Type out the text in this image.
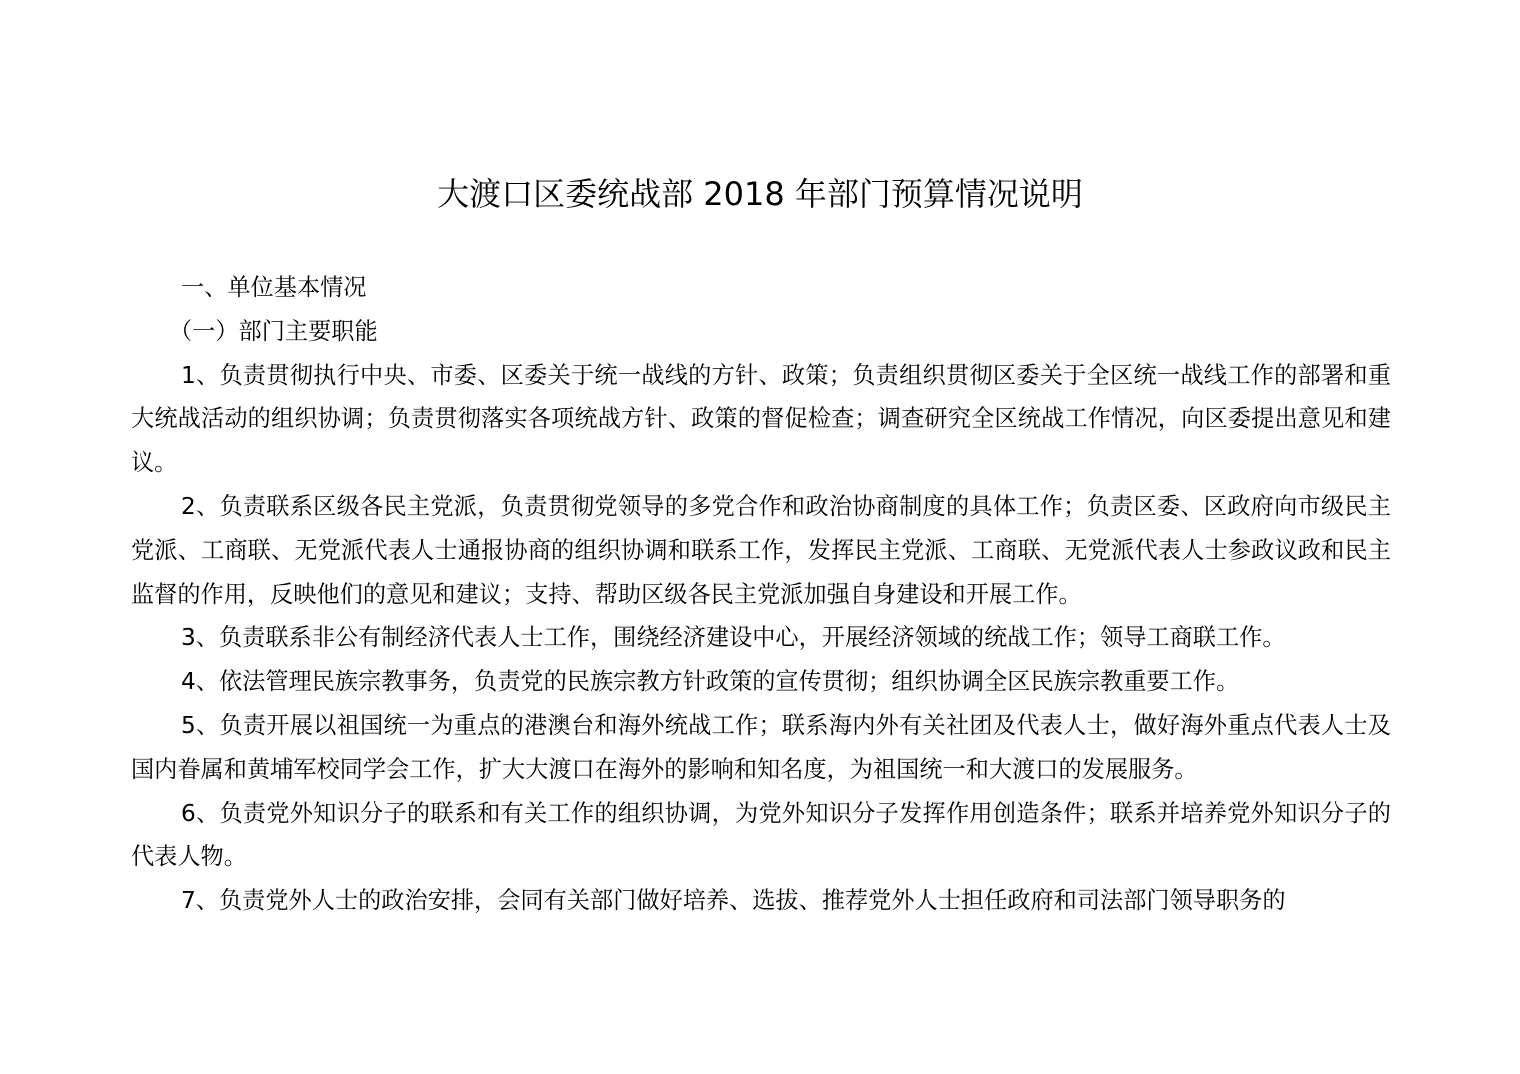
大渡口区委统战部 2018 年部门预算情况说明

一、单位基本情况

（一）部门主要职能

1、负责贯彻执行中央、市委、区委关于统一战线的方针、政策；负责组织贯彻区委关于全区统一战线工作的部署和重大统战活动的组织协调；负责贯彻落实各项统战方针、政策的督促检查；调查研究全区统战工作情况，向区委提出意见和建议。

2、负责联系区级各民主党派，负责贯彻党领导的多党合作和政治协商制度的具体工作；负责区委、区政府向市级民主党派、工商联、无党派代表人士通报协商的组织协调和联系工作，发挥民主党派、工商联、无党派代表人士参政议政和民主监督的作用，反映他们的意见和建议；支持、帮助区级各民主党派加强自身建设和开展工作。

3、负责联系非公有制经济代表人士工作，围绕经济建设中心，开展经济领域的统战工作；领导工商联工作。

4、依法管理民族宗教事务，负责党的民族宗教方针政策的宣传贯彻；组织协调全区民族宗教重要工作。

5、负责开展以祖国统一为重点的港澳台和海外统战工作；联系海内外有关社团及代表人士，做好海外重点代表人士及国内眷属和黄埔军校同学会工作，扩大大渡口在海外的影响和知名度，为祖国统一和大渡口的发展服务。

6、负责党外知识分子的联系和有关工作的组织协调，为党外知识分子发挥作用创造条件；联系并培养党外知识分子的代表人物。

7、负责党外人士的政治安排，会同有关部门做好培养、选拔、推荐党外人士担任政府和司法部门领导职务的
